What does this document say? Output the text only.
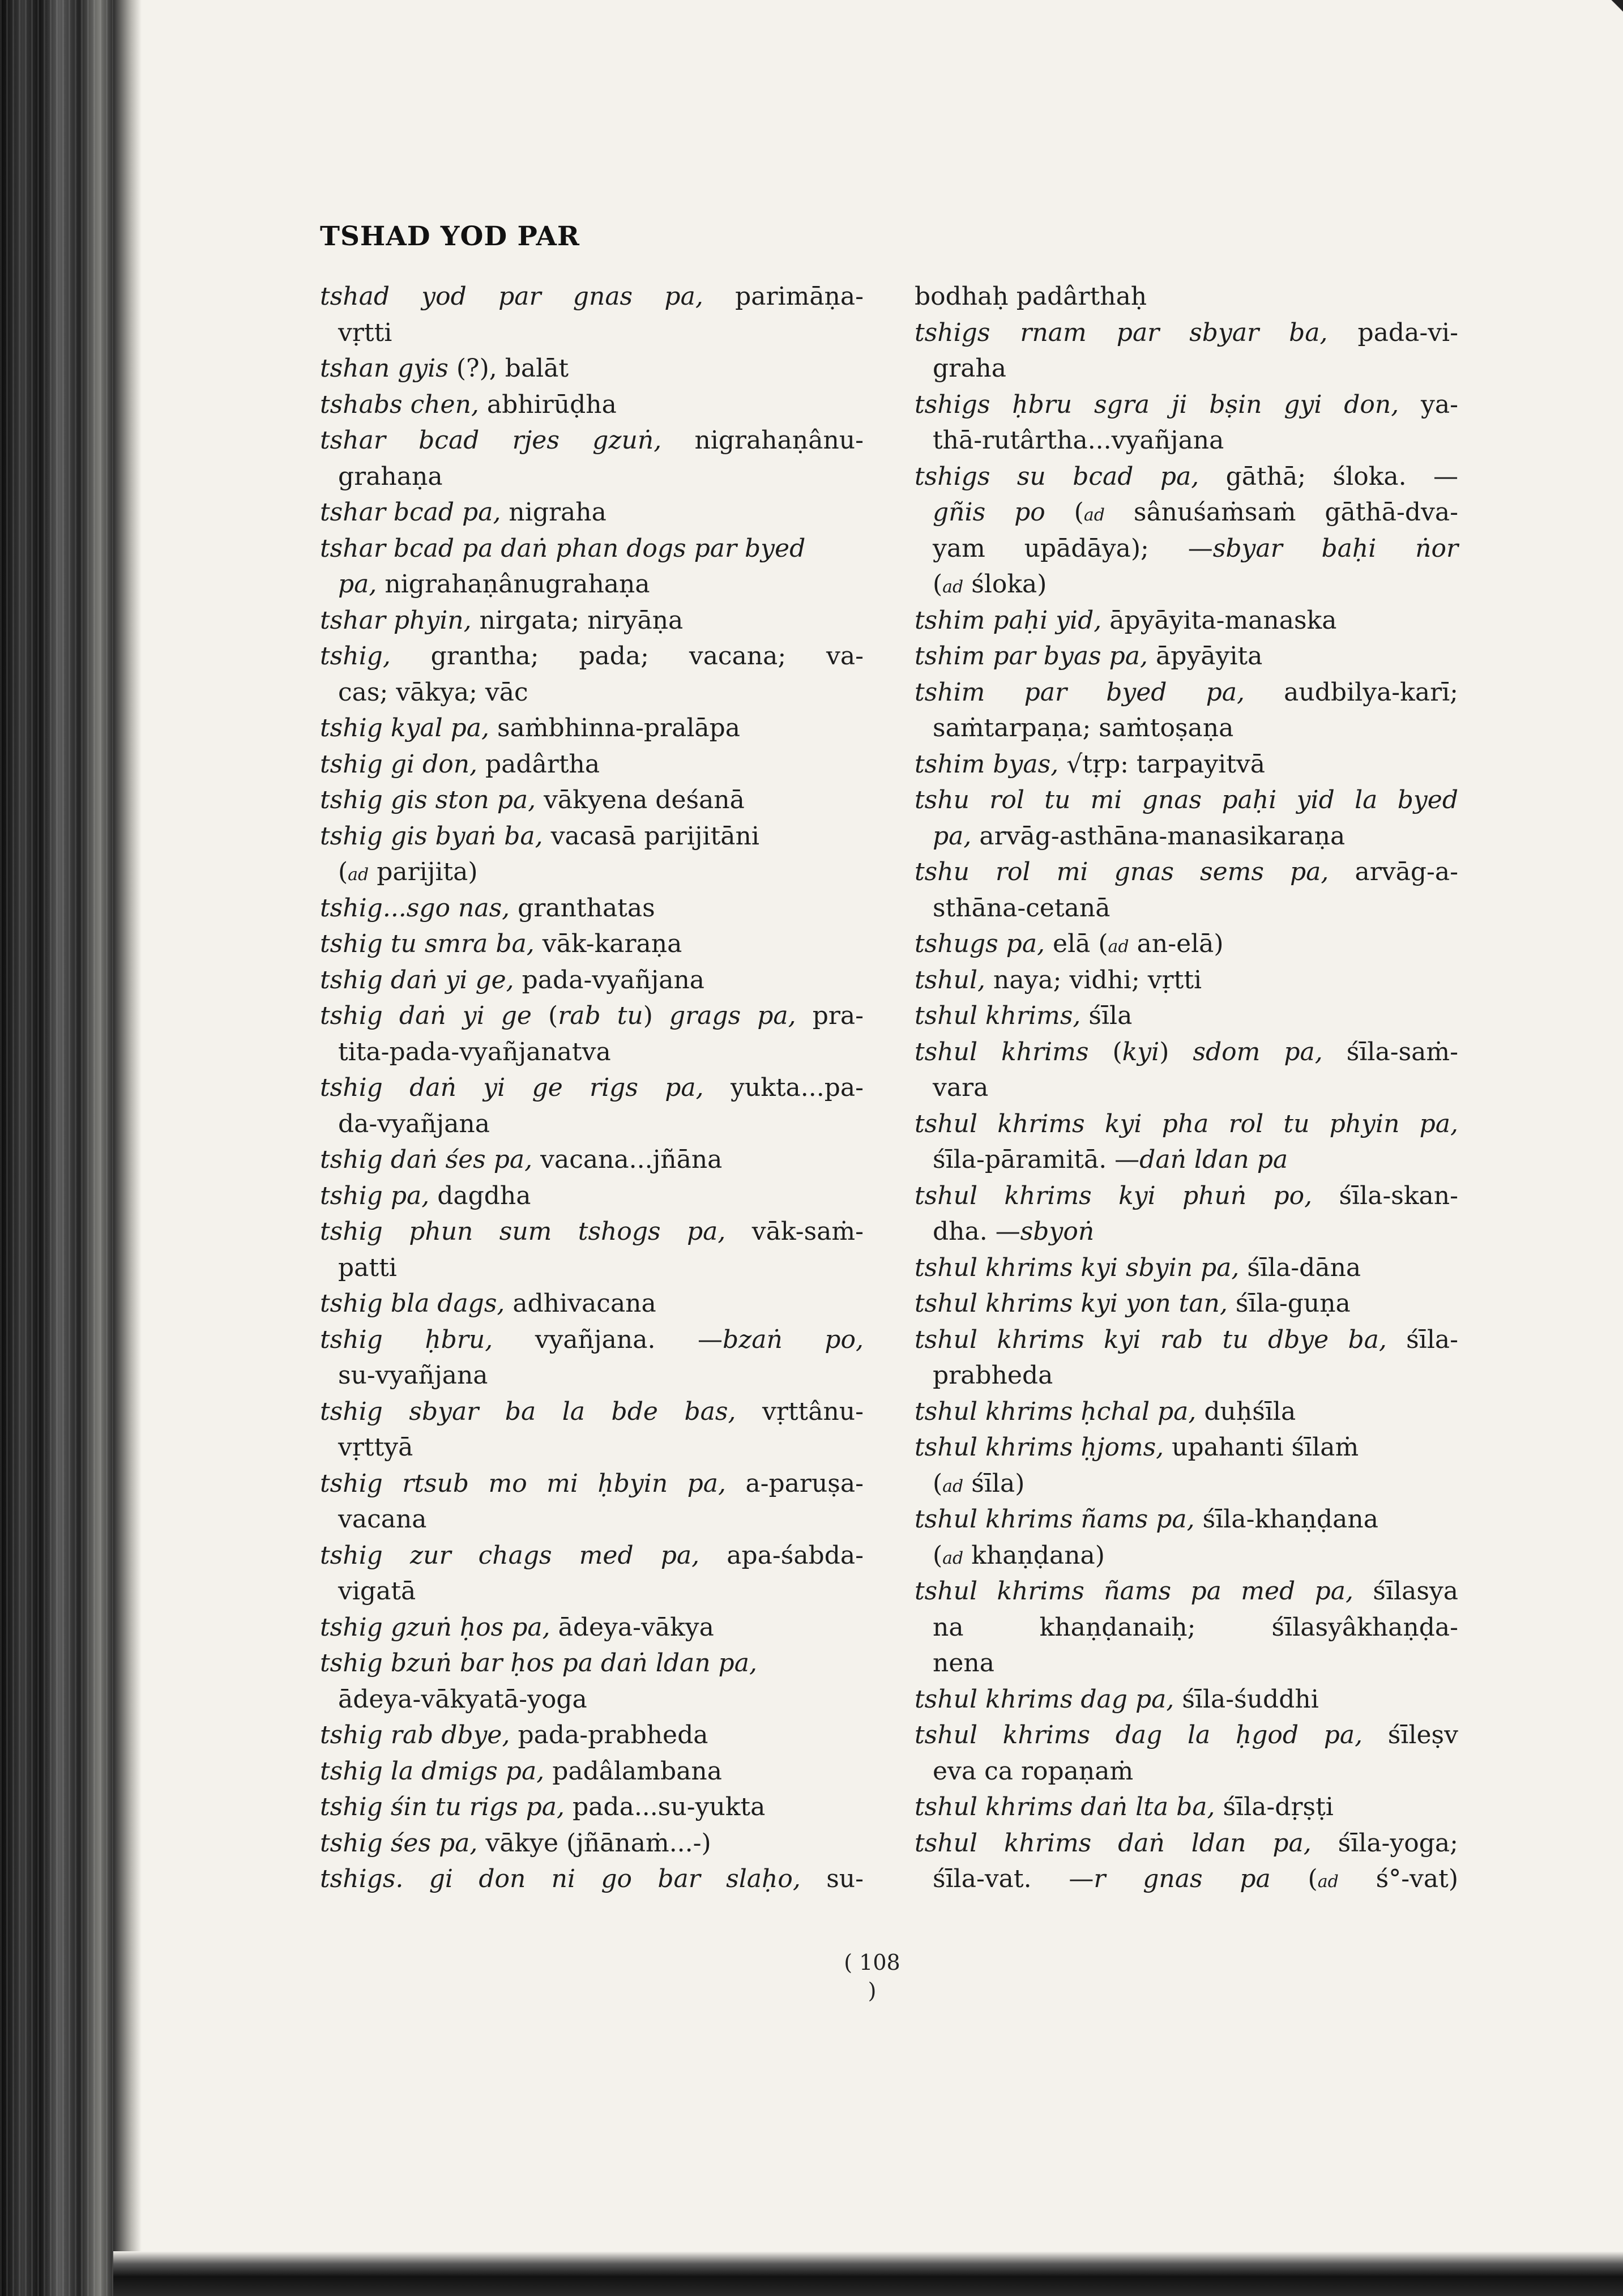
TSHAD YOD PAR
tshad yod par gnas pa, parimāṇa-
vṛtti
tshan gyis (?), balāt
tshabs chen, abhirūḍha
tshar bcad rjes gzuṅ, nigrahaṇânu-
grahaṇa
tshar bcad pa, nigraha
tshar bcad pa daṅ phan dogs par byed
pa, nigrahaṇânugrahaṇa
tshar phyin, nirgata; niryāṇa
tshig, grantha; pada; vacana; va-
cas; vākya; vāc
tshig kyal pa, saṁbhinna-pralāpa
tshig gi don, padârtha
tshig gis ston pa, vākyena deśanā
tshig gis byaṅ ba, vacasā parijitāni
(ad parijita)
tshig...sgo nas, granthatas
tshig tu smra ba, vāk-karaṇa
tshig daṅ yi ge, pada-vyañjana
tshig daṅ yi ge (rab tu) grags pa, pra-
tita-pada-vyañjanatva
tshig daṅ yi ge rigs pa, yukta...pa-
da-vyañjana
tshig daṅ śes pa, vacana...jñāna
tshig pa, dagdha
tshig phun sum tshogs pa, vāk-saṁ-
patti
tshig bla dags, adhivacana
tshig ḥbru, vyañjana. —bzaṅ po,
su-vyañjana
tshig sbyar ba la bde bas, vṛttânu-
vṛttyā
tshig rtsub mo mi ḥbyin pa, a-paruṣa-
vacana
tshig zur chags med pa, apa-śabda-
vigatā
tshig gzuṅ ḥos pa, ādeya-vākya
tshig bzuṅ bar ḥos pa daṅ ldan pa,
ādeya-vākyatā-yoga
tshig rab dbye, pada-prabheda
tshig la dmigs pa, padâlambana
tshig śin tu rigs pa, pada...su-yukta
tshig śes pa, vākye (jñānaṁ...-)
tshigs. gi don ni go bar slaḥo, su-
bodhaḥ padârthaḥ
tshigs rnam par sbyar ba, pada-vi-
graha
tshigs ḥbru sgra ji bṣin gyi don, ya-
thā-rutârtha...vyañjana
tshigs su bcad pa, gāthā; śloka. —
gñis po (ad sânuśaṁsaṁ gāthā-dva-
yam upādāya); —sbyar baḥi ṅor
(ad śloka)
tshim paḥi yid, āpyāyita-manaska
tshim par byas pa, āpyāyita
tshim par byed pa, audbilya-karī;
saṁtarpaṇa; saṁtoṣaṇa
tshim byas, √tṛp: tarpayitvā
tshu rol tu mi gnas paḥi yid la byed
pa, arvāg-asthāna-manasikaraṇa
tshu rol mi gnas sems pa, arvāg-a-
sthāna-cetanā
tshugs pa, elā (ad an-elā)
tshul, naya; vidhi; vṛtti
tshul khrims, śīla
tshul khrims (kyi) sdom pa, śīla-saṁ-
vara
tshul khrims kyi pha rol tu phyin pa,
śīla-pāramitā. —daṅ ldan pa
tshul khrims kyi phuṅ po, śīla-skan-
dha. —sbyoṅ
tshul khrims kyi sbyin pa, śīla-dāna
tshul khrims kyi yon tan, śīla-guṇa
tshul khrims kyi rab tu dbye ba, śīla-
prabheda
tshul khrims ḥchal pa, duḥśīla
tshul khrims ḥjoms, upahanti śīlaṁ
(ad śīla)
tshul khrims ñams pa, śīla-khaṇḍana
(ad khaṇḍana)
tshul khrims ñams pa med pa, śīlasya
na khaṇḍanaiḥ; śīlasyâkhaṇḍa-
nena
tshul khrims dag pa, śīla-śuddhi
tshul khrims dag la ḥgod pa, śīleṣv
eva ca ropaṇaṁ
tshul khrims daṅ lta ba, śīla-dṛṣṭi
tshul khrims daṅ ldan pa, śīla-yoga;
śīla-vat. —r gnas pa (ad ś°-vat)
( 108 )
